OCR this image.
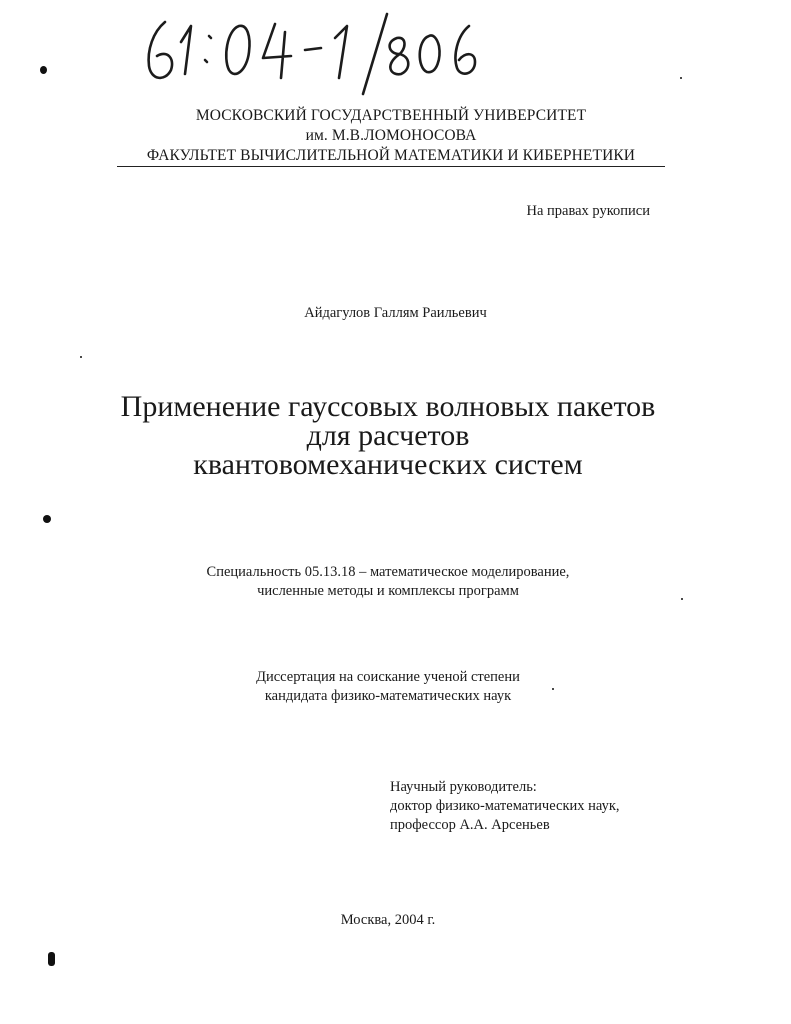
МОСКОВСКИЙ ГОСУДАРСТВЕННЫЙ УНИВЕРСИТЕТ
им. М.В.ЛОМОНОСОВА
ФАКУЛЬТЕТ ВЫЧИСЛИТЕЛЬНОЙ МАТЕМАТИКИ И КИБЕРНЕТИКИ
На правах рукописи
Айдагулов Галлям Раильевич
Применение гауссовых волновых пакетов
для расчетов
квантовомеханических систем
Специальность 05.13.18 – математическое моделирование,
численные методы и комплексы программ
Диссертация на соискание ученой степени
кандидата физико-математических наук
Научный руководитель:
доктор физико-математических наук,
профессор А.А. Арсеньев
Москва, 2004 г.
